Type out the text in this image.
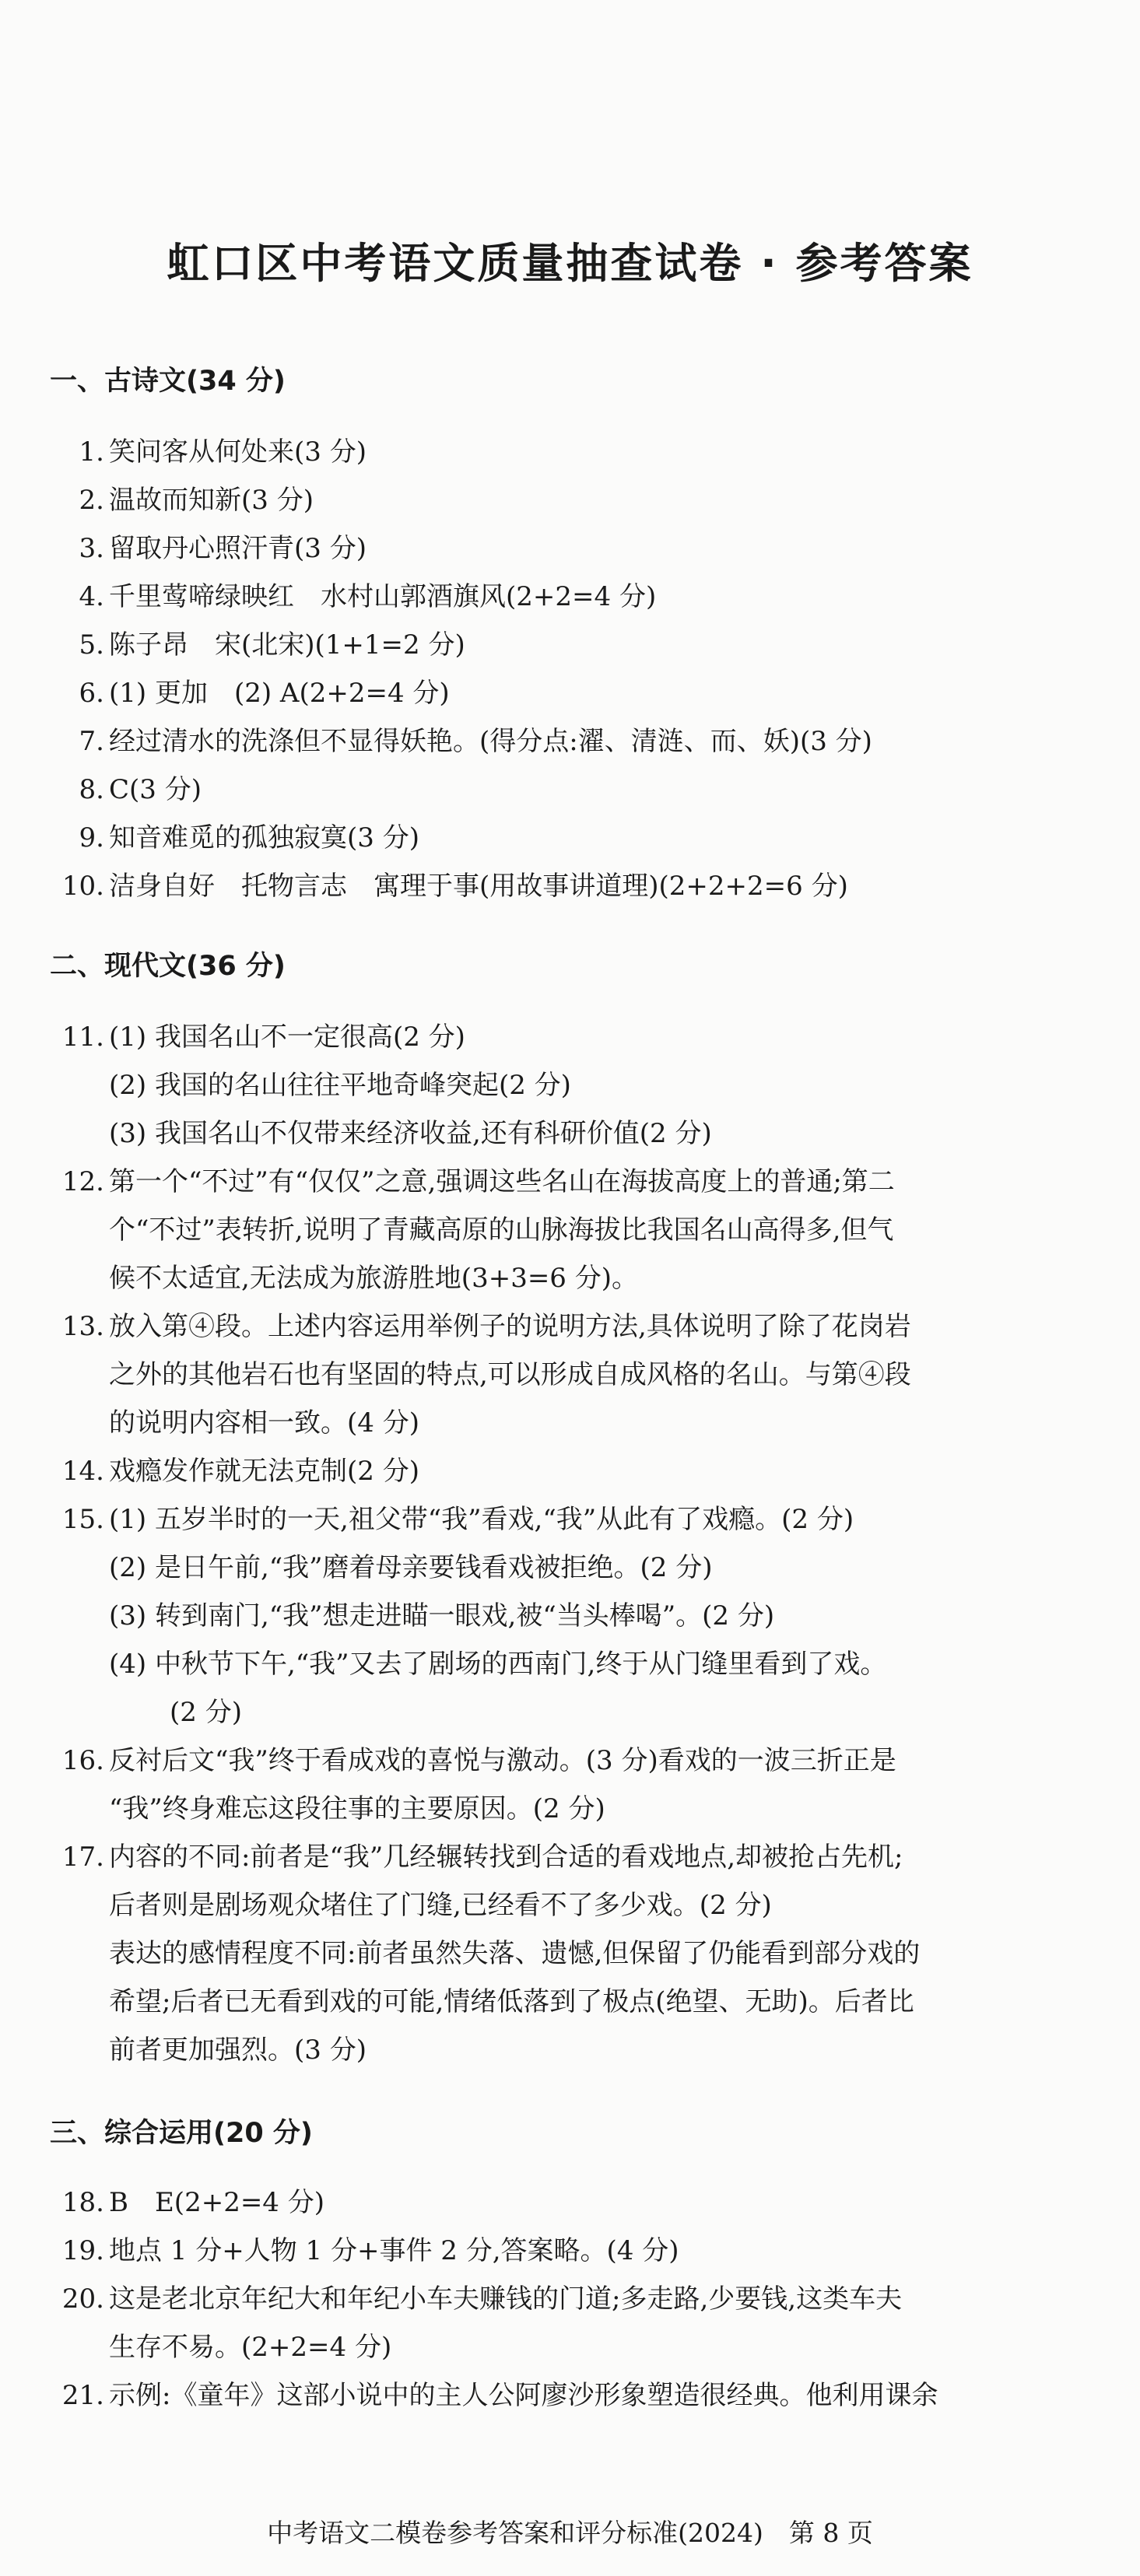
虹口区中考语文质量抽查试卷 · 参考答案
一、古诗文(34 分)
1. 笑问客从何处来(3 分)
2. 温故而知新(3 分)
3. 留取丹心照汗青(3 分)
4. 千里莺啼绿映红　水村山郭酒旗风(2+2=4 分)
5. 陈子昂　宋(北宋)(1+1=2 分)
6. (1) 更加　(2) A(2+2=4 分)
7. 经过清水的洗涤但不显得妖艳。(得分点:濯、清涟、而、妖)(3 分)
8. C(3 分)
9. 知音难觅的孤独寂寞(3 分)
10. 洁身自好　托物言志　寓理于事(用故事讲道理)(2+2+2=6 分)
二、现代文(36 分)
11. (1) 我国名山不一定很高(2 分)
(2) 我国的名山往往平地奇峰突起(2 分)
(3) 我国名山不仅带来经济收益,还有科研价值(2 分)
12. 第一个“不过”有“仅仅”之意,强调这些名山在海拔高度上的普通;第二
个“不过”表转折,说明了青藏高原的山脉海拔比我国名山高得多,但气
候不太适宜,无法成为旅游胜地(3+3=6 分)。
13. 放入第④段。上述内容运用举例子的说明方法,具体说明了除了花岗岩
之外的其他岩石也有坚固的特点,可以形成自成风格的名山。与第④段
的说明内容相一致。(4 分)
14. 戏瘾发作就无法克制(2 分)
15. (1) 五岁半时的一天,祖父带“我”看戏,“我”从此有了戏瘾。(2 分)
(2) 是日午前,“我”磨着母亲要钱看戏被拒绝。(2 分)
(3) 转到南门,“我”想走进瞄一眼戏,被“当头棒喝”。(2 分)
(4) 中秋节下午,“我”又去了剧场的西南门,终于从门缝里看到了戏。
(2 分)
16. 反衬后文“我”终于看成戏的喜悦与激动。(3 分)看戏的一波三折正是
“我”终身难忘这段往事的主要原因。(2 分)
17. 内容的不同:前者是“我”几经辗转找到合适的看戏地点,却被抢占先机;
后者则是剧场观众堵住了门缝,已经看不了多少戏。(2 分)
表达的感情程度不同:前者虽然失落、遗憾,但保留了仍能看到部分戏的
希望;后者已无看到戏的可能,情绪低落到了极点(绝望、无助)。后者比
前者更加强烈。(3 分)
三、综合运用(20 分)
18. B　E(2+2=4 分)
19. 地点 1 分+人物 1 分+事件 2 分,答案略。(4 分)
20. 这是老北京年纪大和年纪小车夫赚钱的门道;多走路,少要钱,这类车夫
生存不易。(2+2=4 分)
21. 示例:《童年》这部小说中的主人公阿廖沙形象塑造很经典。他利用课余
中考语文二模卷参考答案和评分标准(2024)　第 8 页
